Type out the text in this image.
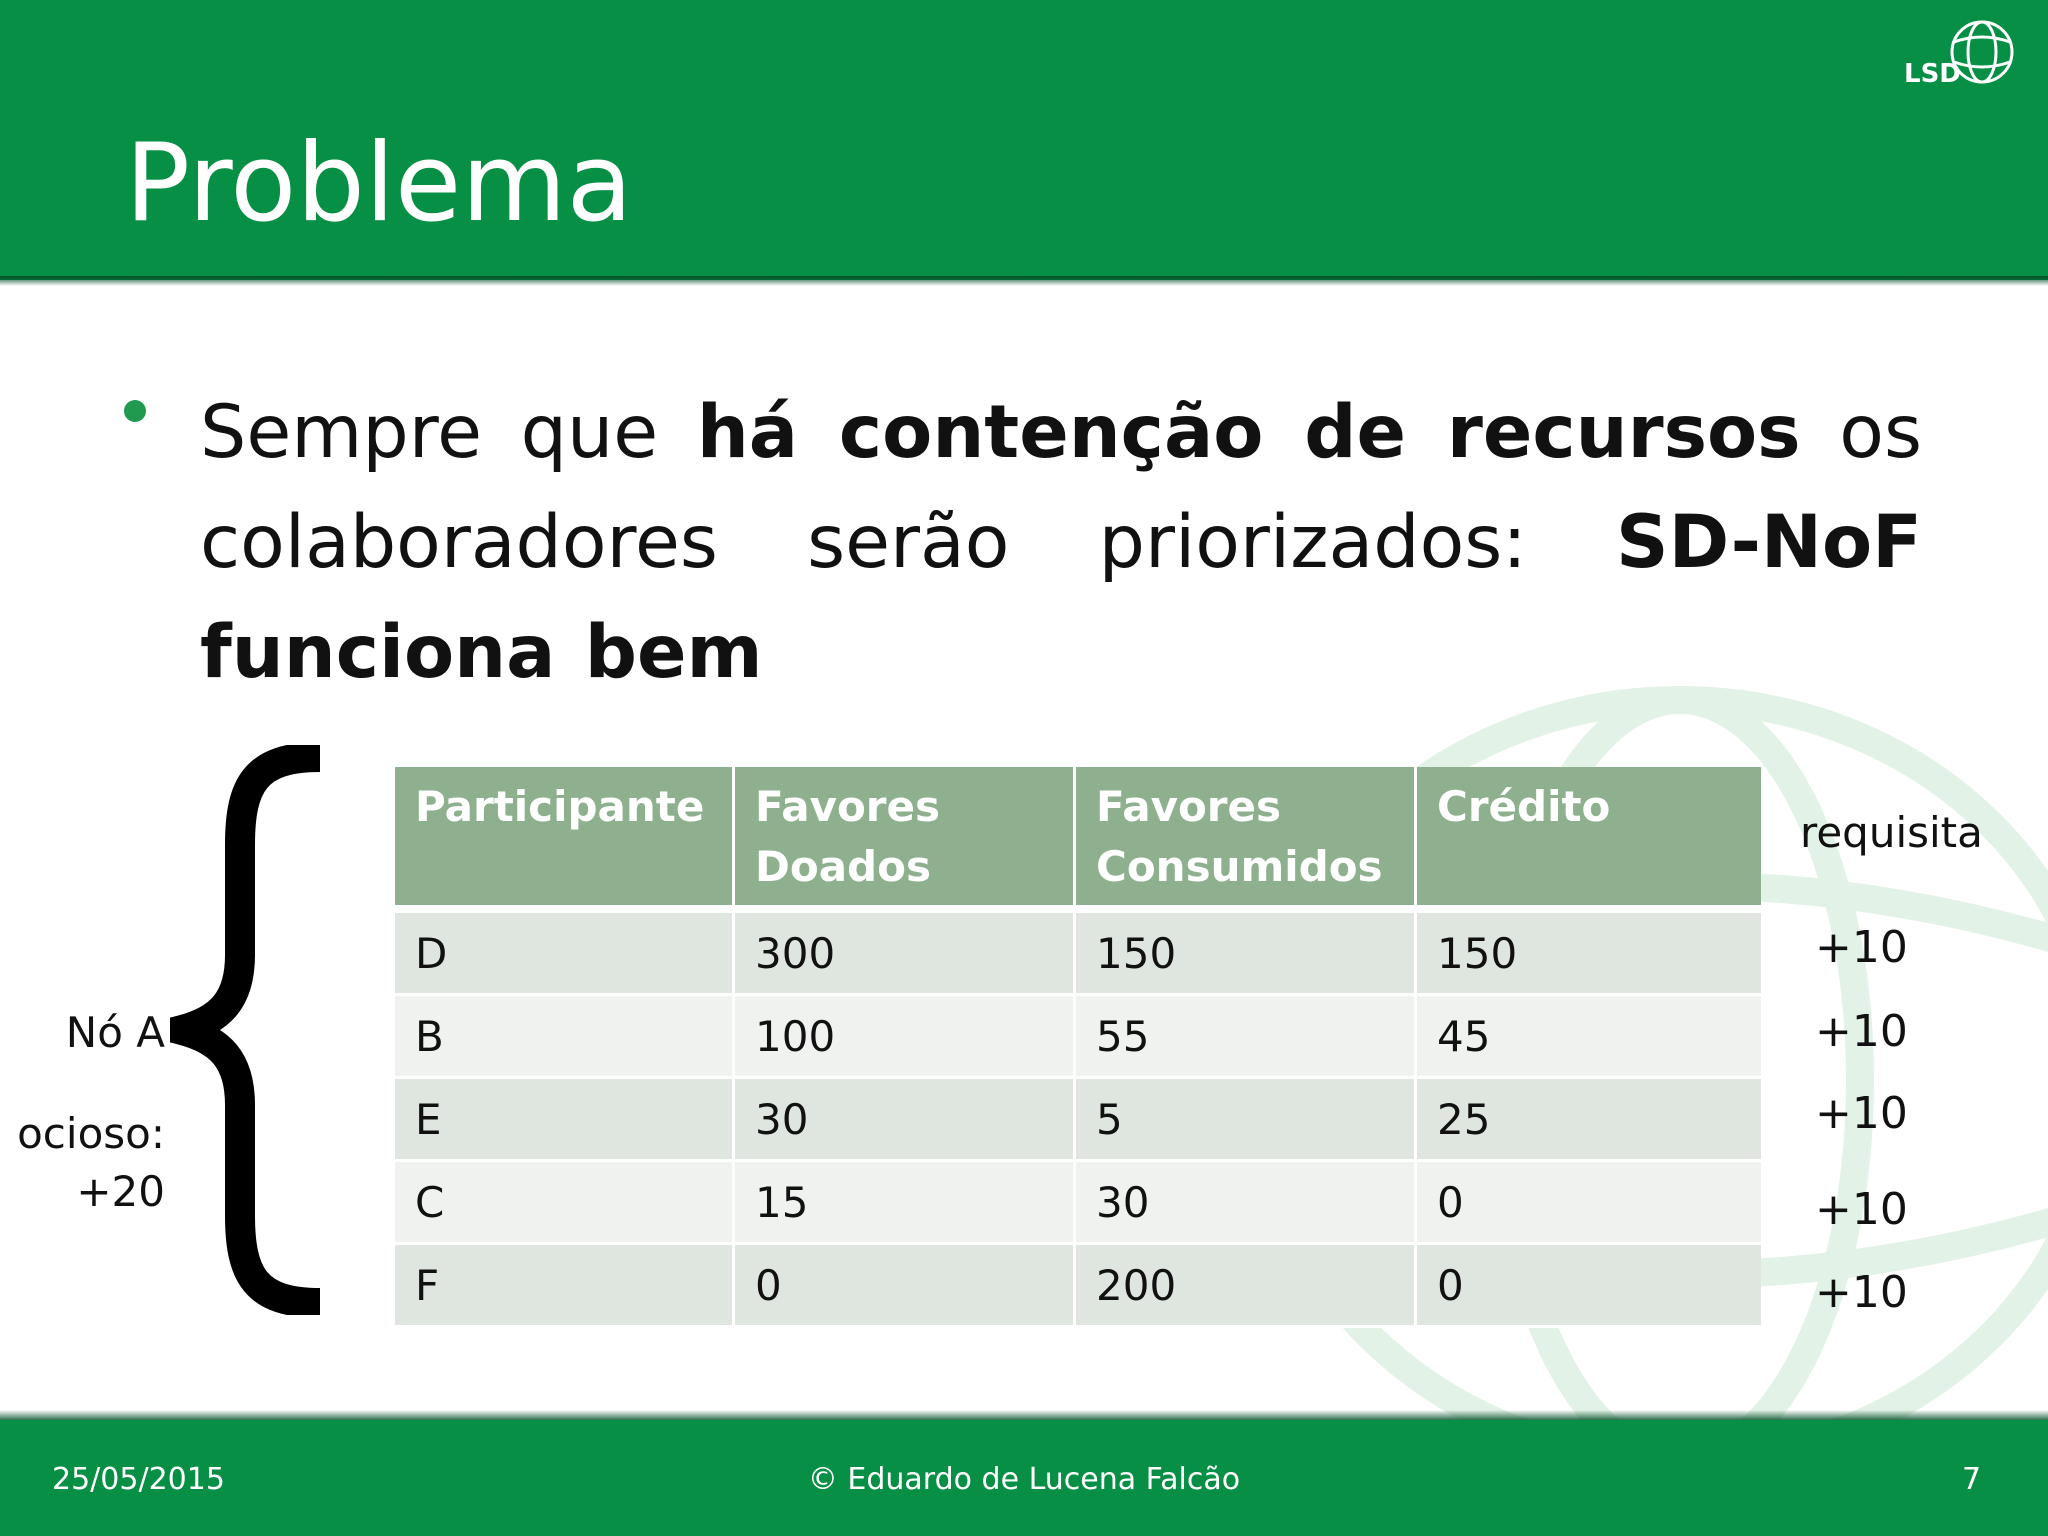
Problema
LSD
Sempre que há contenção de recursos os colaboradores serão priorizados: SD-NoF funciona bem
Nó A
ocioso:
+20
Participante	Favores Doados	Favores Consumidos	Crédito
D	300	150	150
B	100	55	45
E	30	5	25
C	15	30	0
F	0	200	0
requisita
+10
+10
+10
+10
+10
25/05/2015	© Eduardo de Lucena Falcão	7
